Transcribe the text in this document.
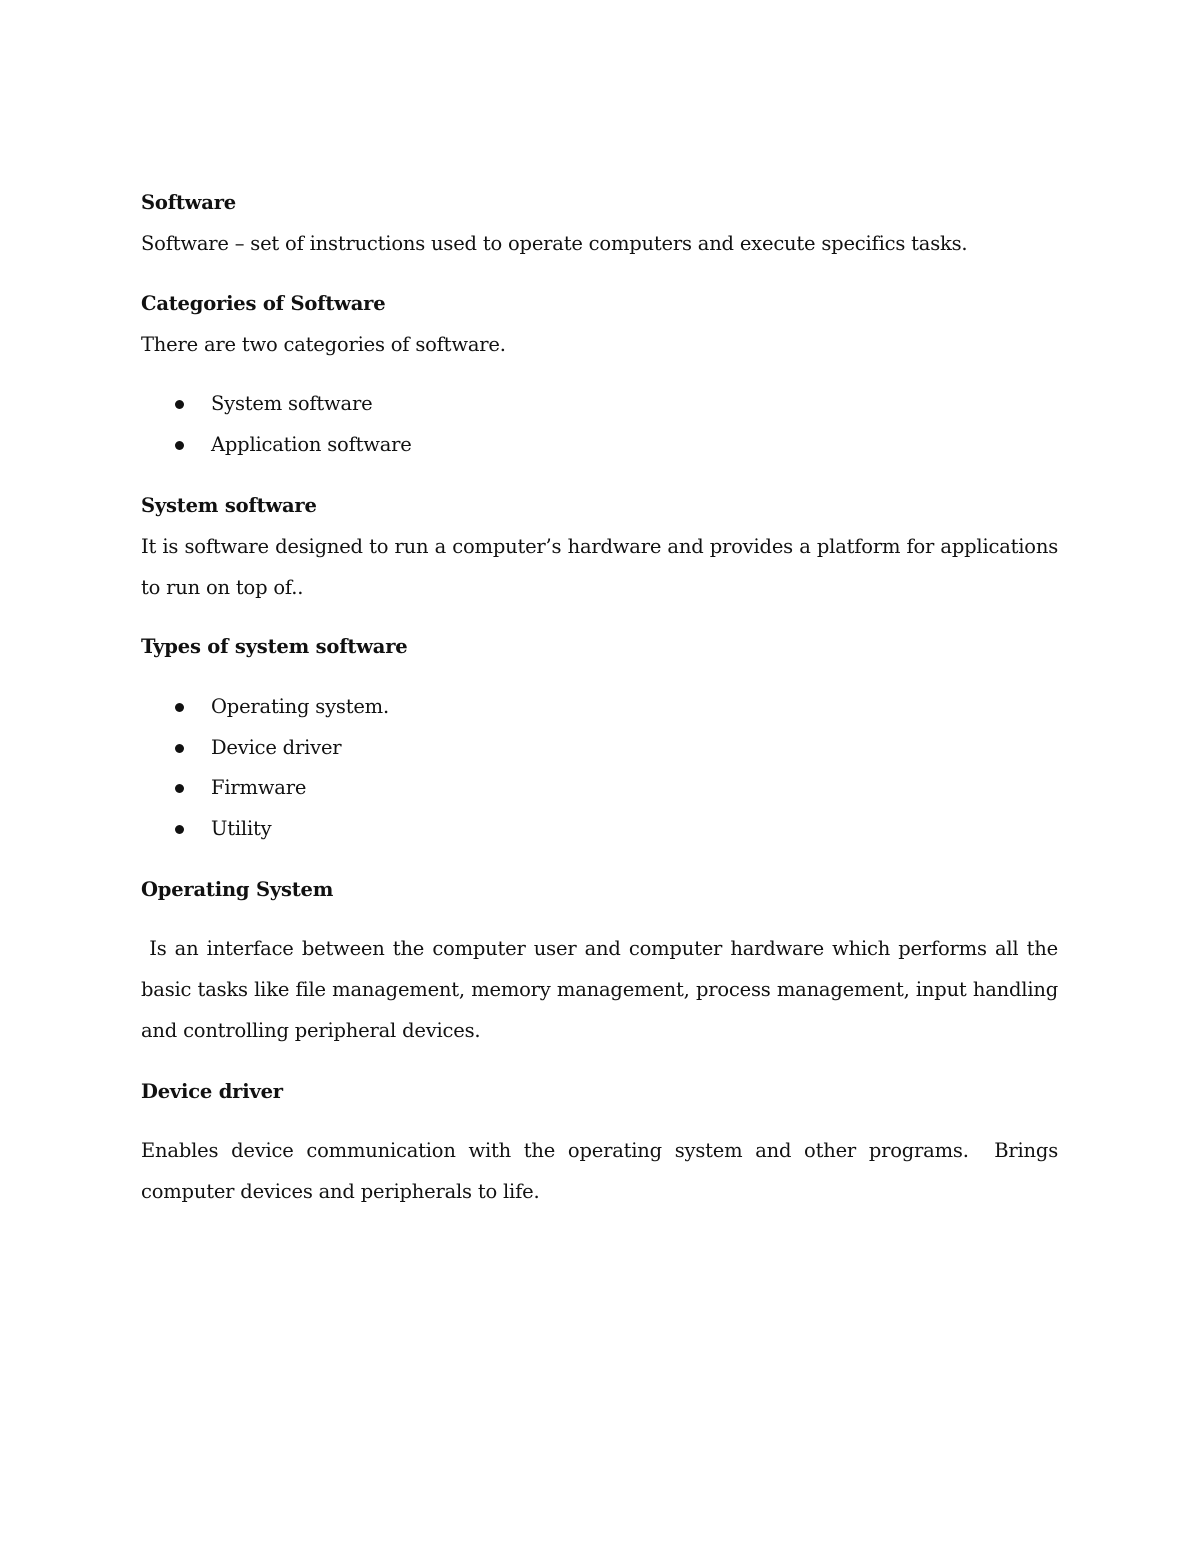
Software
Software – set of instructions used to operate computers and execute specifics tasks.
Categories of Software
There are two categories of software.
System software
Application software
System software
It is software designed to run a computer’s hardware and provides a platform for applications to run on top of..
Types of system software
Operating system.
Device driver
Firmware
Utility
Operating System
Is an interface between the computer user and computer hardware which performs all the basic tasks like file management, memory management, process management, input handling and controlling peripheral devices.
Device driver
Enables device communication with the operating system and other programs.  Brings computer devices and peripherals to life.
